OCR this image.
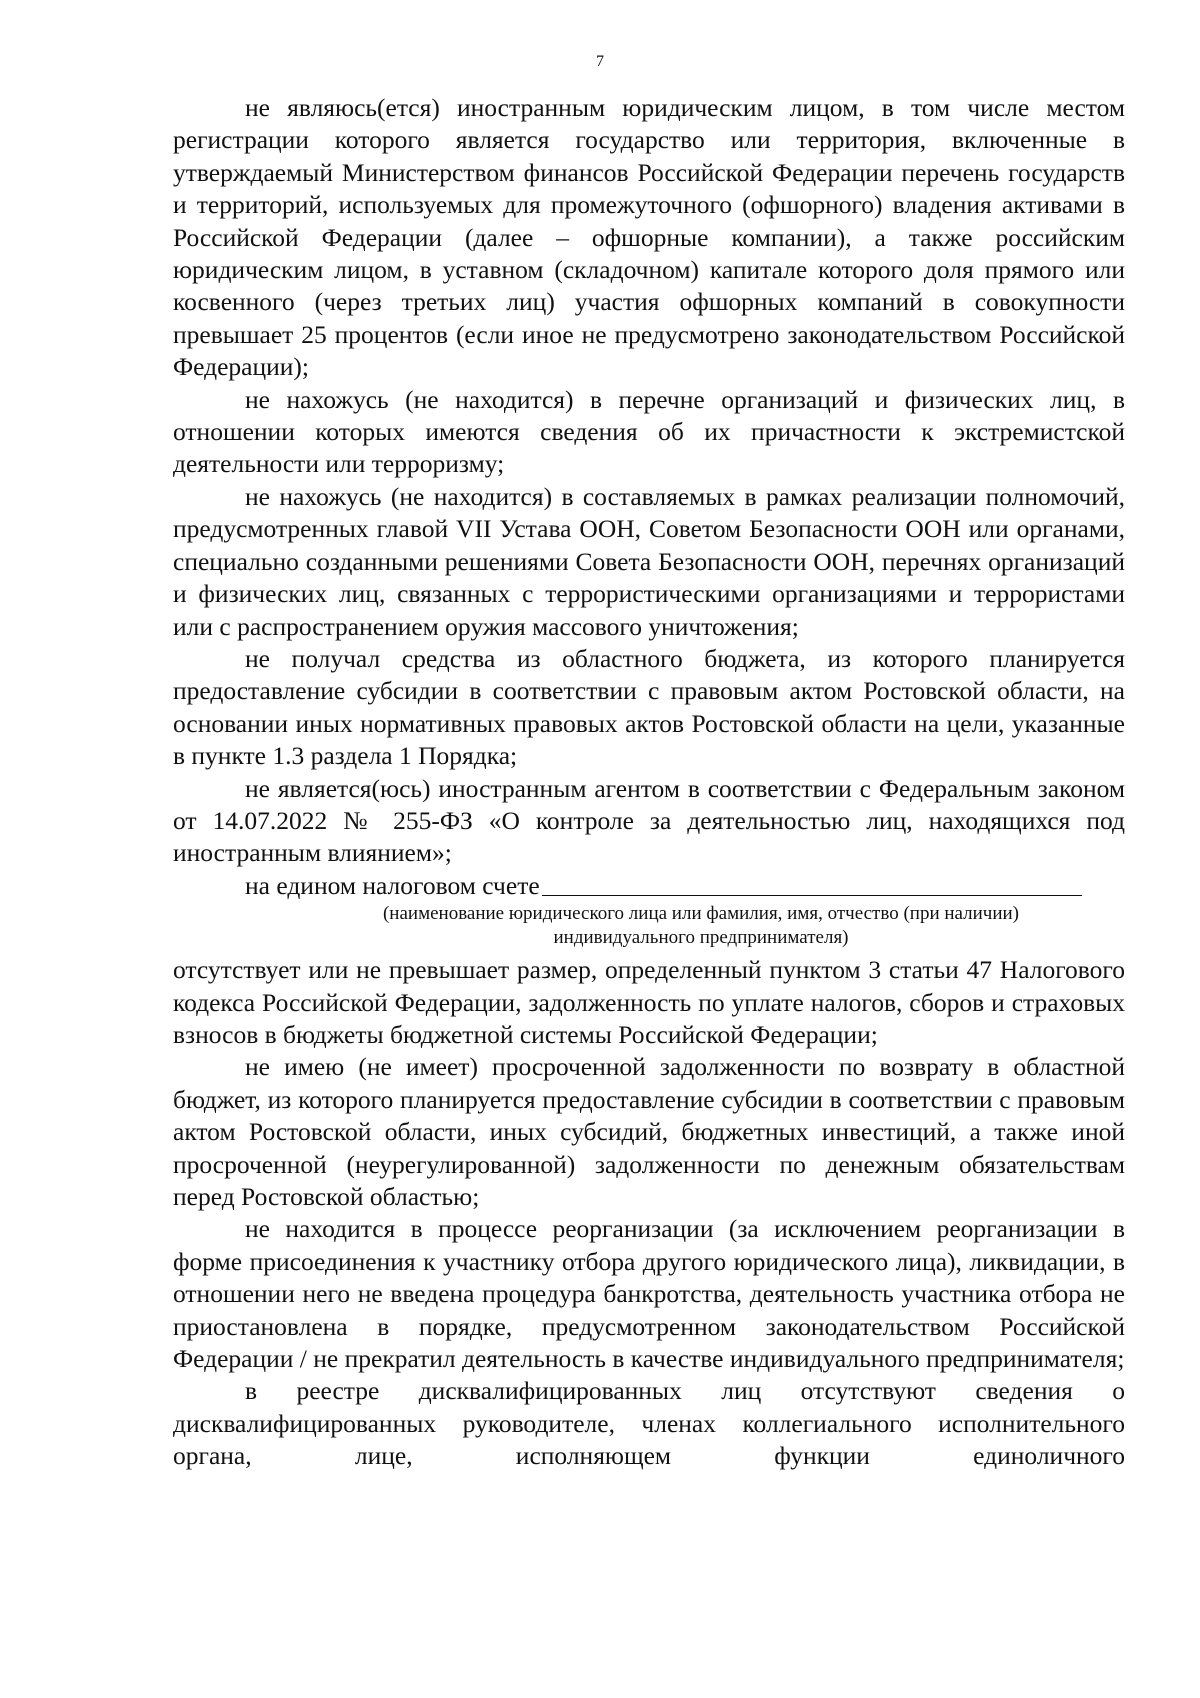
7

не являюсь(ется) иностранным юридическим лицом, в том числе местом регистрации которого является государство или территория, включенные в утверждаемый Министерством финансов Российской Федерации перечень государств и территорий, используемых для промежуточного (офшорного) владения активами в Российской Федерации (далее – офшорные компании), а также российским юридическим лицом, в уставном (складочном) капитале которого доля прямого или косвенного (через третьих лиц) участия офшорных компаний в совокупности превышает 25 процентов (если иное не предусмотрено законодательством Российской Федерации);

не нахожусь (не находится) в перечне организаций и физических лиц, в отношении которых имеются сведения об их причастности к экстремистской деятельности или терроризму;

не нахожусь (не находится) в составляемых в рамках реализации полномочий, предусмотренных главой VII Устава ООН, Советом Безопасности ООН или органами, специально созданными решениями Совета Безопасности ООН, перечнях организаций и физических лиц, связанных с террористическими организациями и террористами или с распространением оружия массового уничтожения;

не получал средства из областного бюджета, из которого планируется предоставление субсидии в соответствии с правовым актом Ростовской области, на основании иных нормативных правовых актов Ростовской области на цели, указанные в пункте 1.3 раздела 1 Порядка;

не является(юсь) иностранным агентом в соответствии с Федеральным законом от 14.07.2022 № 255-ФЗ «О контроле за деятельностью лиц, находящихся под иностранным влиянием»;

на едином налоговом счете

(наименование юридического лица или фамилия, имя, отчество (при наличии)

индивидуального предпринимателя)

отсутствует или не превышает размер, определенный пунктом 3 статьи 47 Налогового кодекса Российской Федерации, задолженность по уплате налогов, сборов и страховых взносов в бюджеты бюджетной системы Российской Федерации;

не имею (не имеет) просроченной задолженности по возврату в областной бюджет, из которого планируется предоставление субсидии в соответствии с правовым актом Ростовской области, иных субсидий, бюджетных инвестиций, а также иной просроченной (неурегулированной) задолженности по денежным обязательствам перед Ростовской областью;

не находится в процессе реорганизации (за исключением реорганизации в форме присоединения к участнику отбора другого юридического лица), ликвидации, в отношении него не введена процедура банкротства, деятельность участника отбора не приостановлена в порядке, предусмотренном законодательством Российской Федерации / не прекратил деятельность в качестве индивидуального предпринимателя;

в реестре дисквалифицированных лиц отсутствуют сведения о дисквалифицированных руководителе, членах коллегиального исполнительного органа, лице, исполняющем функции единоличного
